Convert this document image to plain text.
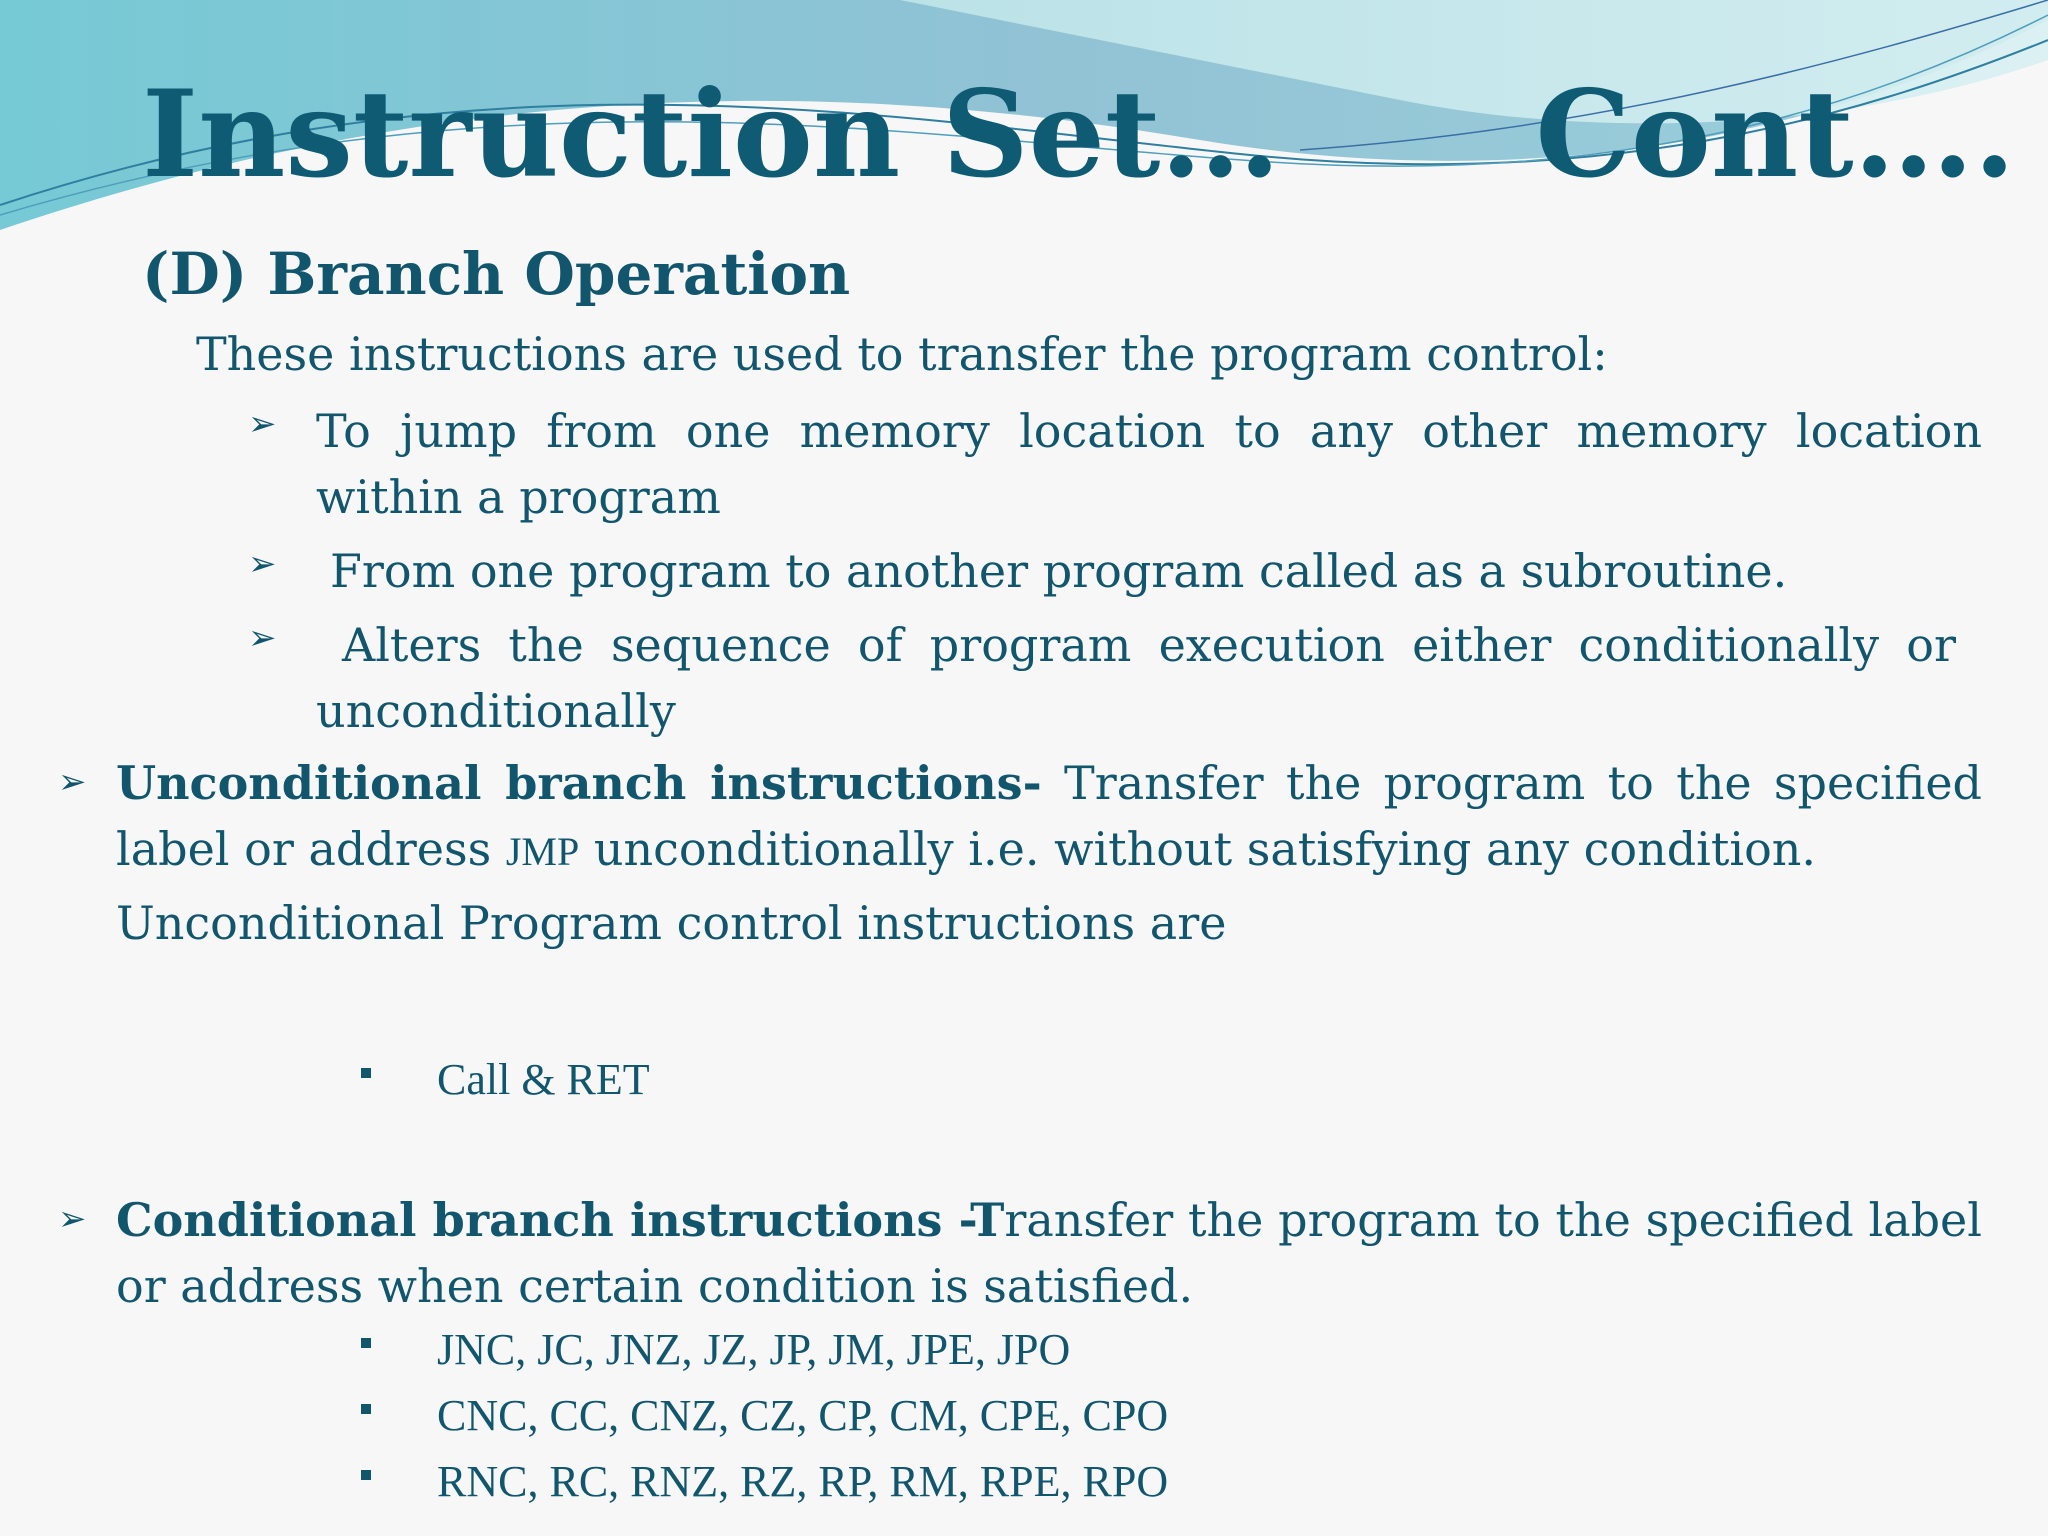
Instruction Set… Cont….
(D) Branch Operation
These instructions are used to transfer the program control:
➢ To jump from one memory location to any other memory location within a program
➢ From one program to another program called as a subroutine.
➢	Alters the sequence of program execution either conditionally or unconditionally
➢ Unconditional branch instructions- Transfer the program to the specified label or address JMP unconditionally i.e. without satisfying any condition.
Unconditional Program control instructions are
Call & RET
➢ Conditional branch instructions -Transfer the program to the specified label or address when certain condition is satisfied.
JNC, JC, JNZ, JZ, JP, JM, JPE, JPO
CNC, CC, CNZ, CZ, CP, CM, CPE, CPO
RNC, RC, RNZ, RZ, RP, RM, RPE, RPO
